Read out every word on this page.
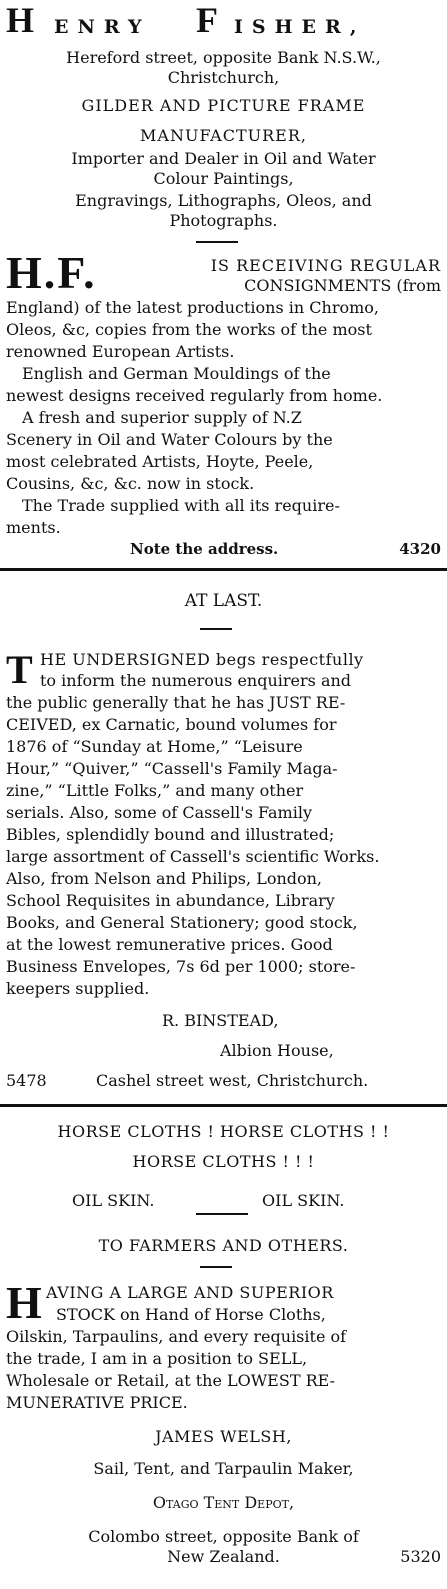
H ENRY F ISHER,
Hereford street, opposite Bank N.S.W.,
Christchurch,
GILDER AND PICTURE FRAME
MANUFACTURER,
Importer and Dealer in Oil and Water
Colour Paintings,
Engravings, Lithographs, Oleos, and
Photographs.
H.F.	IS RECEIVING REGULAR
CONSIGNMENTS (from
England) of the latest productions in Chromo,
Oleos, &c, copies from the works of the most
renowned European Artists.
English and German Mouldings of the
newest designs received regularly from home.
A fresh and superior supply of N.Z
Scenery in Oil and Water Colours by the
most celebrated Artists, Hoyte, Peele,
Cousins, &c, &c. now in stock.
The Trade supplied with all its require-
ments.
Note the address.	4320
AT LAST.
T HE UNDERSIGNED begs respectfully
to inform the numerous enquirers and
the public generally that he has JUST RE-
CEIVED, ex Carnatic, bound volumes for
1876 of “Sunday at Home,” “Leisure
Hour,” “Quiver,” “Cassell's Family Maga-
zine,” “Little Folks,” and many other
serials. Also, some of Cassell's Family
Bibles, splendidly bound and illustrated;
large assortment of Cassell's scientific Works.
Also, from Nelson and Philips, London,
School Requisites in abundance, Library
Books, and General Stationery; good stock,
at the lowest remunerative prices. Good
Business Envelopes, 7s 6d per 1000; store-
keepers supplied.
R. BINSTEAD,
Albion House,
5478	Cashel street west, Christchurch.
HORSE CLOTHS ! HORSE CLOTHS ! !
HORSE CLOTHS ! ! !
OIL SKIN.	OIL SKIN.
TO FARMERS AND OTHERS.
H AVING A LARGE AND SUPERIOR
STOCK on Hand of Horse Cloths,
Oilskin, Tarpaulins, and every requisite of
the trade, I am in a position to SELL,
Wholesale or Retail, at the LOWEST RE-
MUNERATIVE PRICE.
JAMES WELSH,
Sail, Tent, and Tarpaulin Maker,
Otago Tent Depot,
Colombo street, opposite Bank of
New Zealand.	5320
